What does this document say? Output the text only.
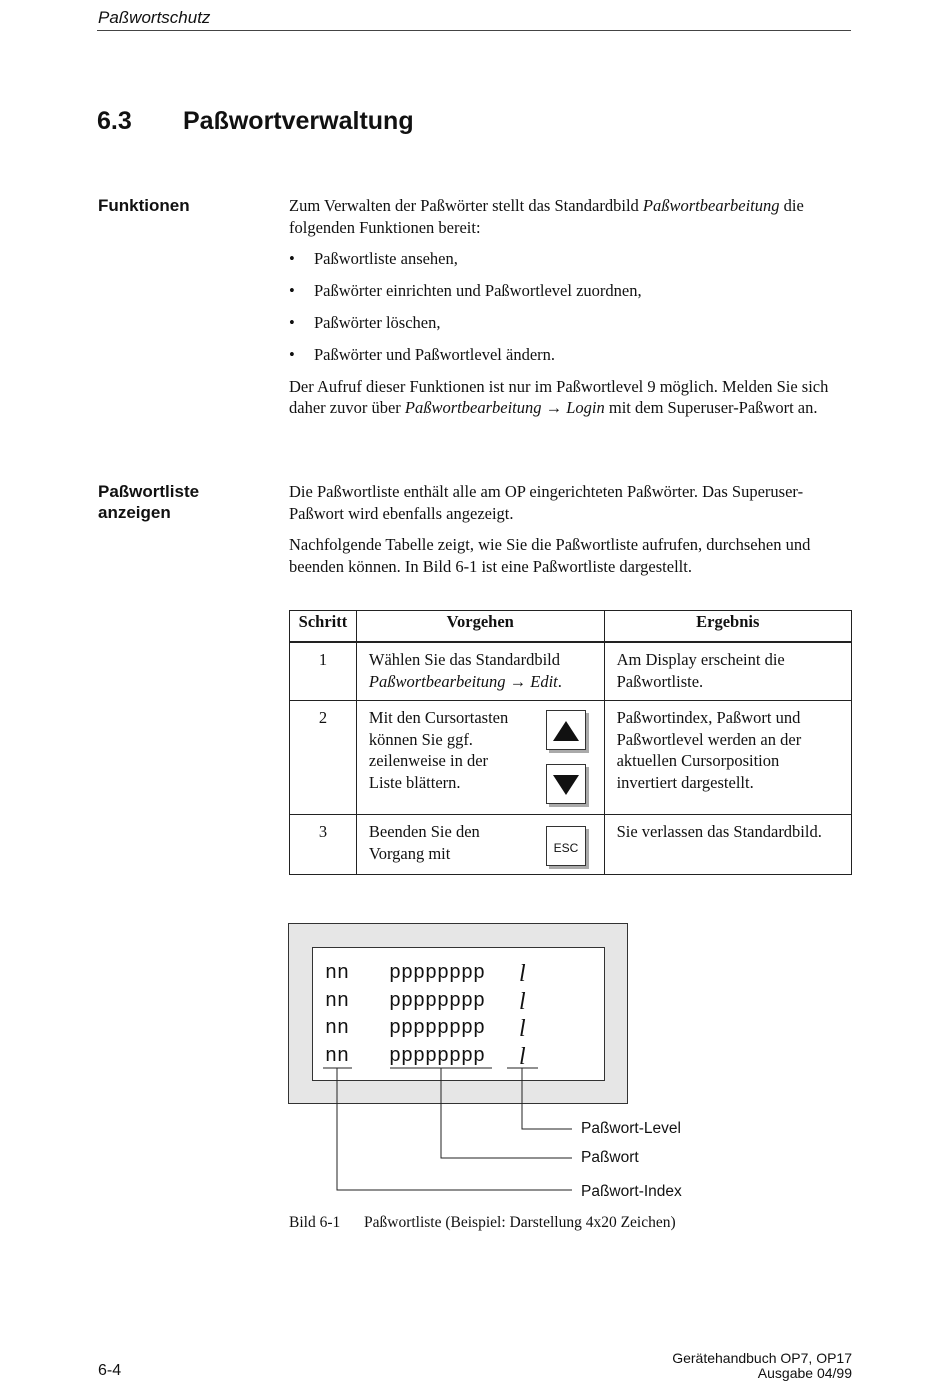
Paßwortschutz
6.3 Paßwortverwaltung
Funktionen	Zum Verwalten der Paßwörter stellt das Standardbild Paßwortbearbeitung die folgenden Funktionen bereit:

• Paßwortliste ansehen,
• Paßwörter einrichten und Paßwortlevel zuordnen,
• Paßwörter löschen,
• Paßwörter und Paßwortlevel ändern.

Der Aufruf dieser Funktionen ist nur im Paßwortlevel 9 möglich. Melden Sie sich daher zuvor über Paßwortbearbeitung → Login mit dem Superuser-Paßwort an.

Paßwortliste
anzeigen

Die Paßwortliste enthält alle am OP eingerichteten Paßwörter. Das Superuser-Paßwort wird ebenfalls angezeigt.

Nachfolgende Tabelle zeigt, wie Sie die Paßwortliste aufrufen, durchsehen und beenden können. In Bild 6-1 ist eine Paßwortliste dargestellt.

Schritt	Vorgehen	Ergebnis
1	Wählen Sie das Standardbild Paßwortbearbeitung → Edit.	Am Display erscheint die Paßwortliste.
2	Mit den Cursortasten können Sie ggf. zeilenweise in der Liste blättern.	Paßwortindex, Paßwort und Paßwortlevel werden an der aktuellen Cursorposition invertiert dargestellt.
3	Beenden Sie den Vorgang mit ESC	Sie verlassen das Standardbild.
nn pppppppp l
nn pppppppp l
nn pppppppp l
nn pppppppp l
Paßwort-Level
Paßwort
Paßwort-Index
Bild 6-1 Paßwortliste (Beispiel: Darstellung 4x20 Zeichen)
Gerätehandbuch OP7, OP17
Ausgabe 04/99
6-4
